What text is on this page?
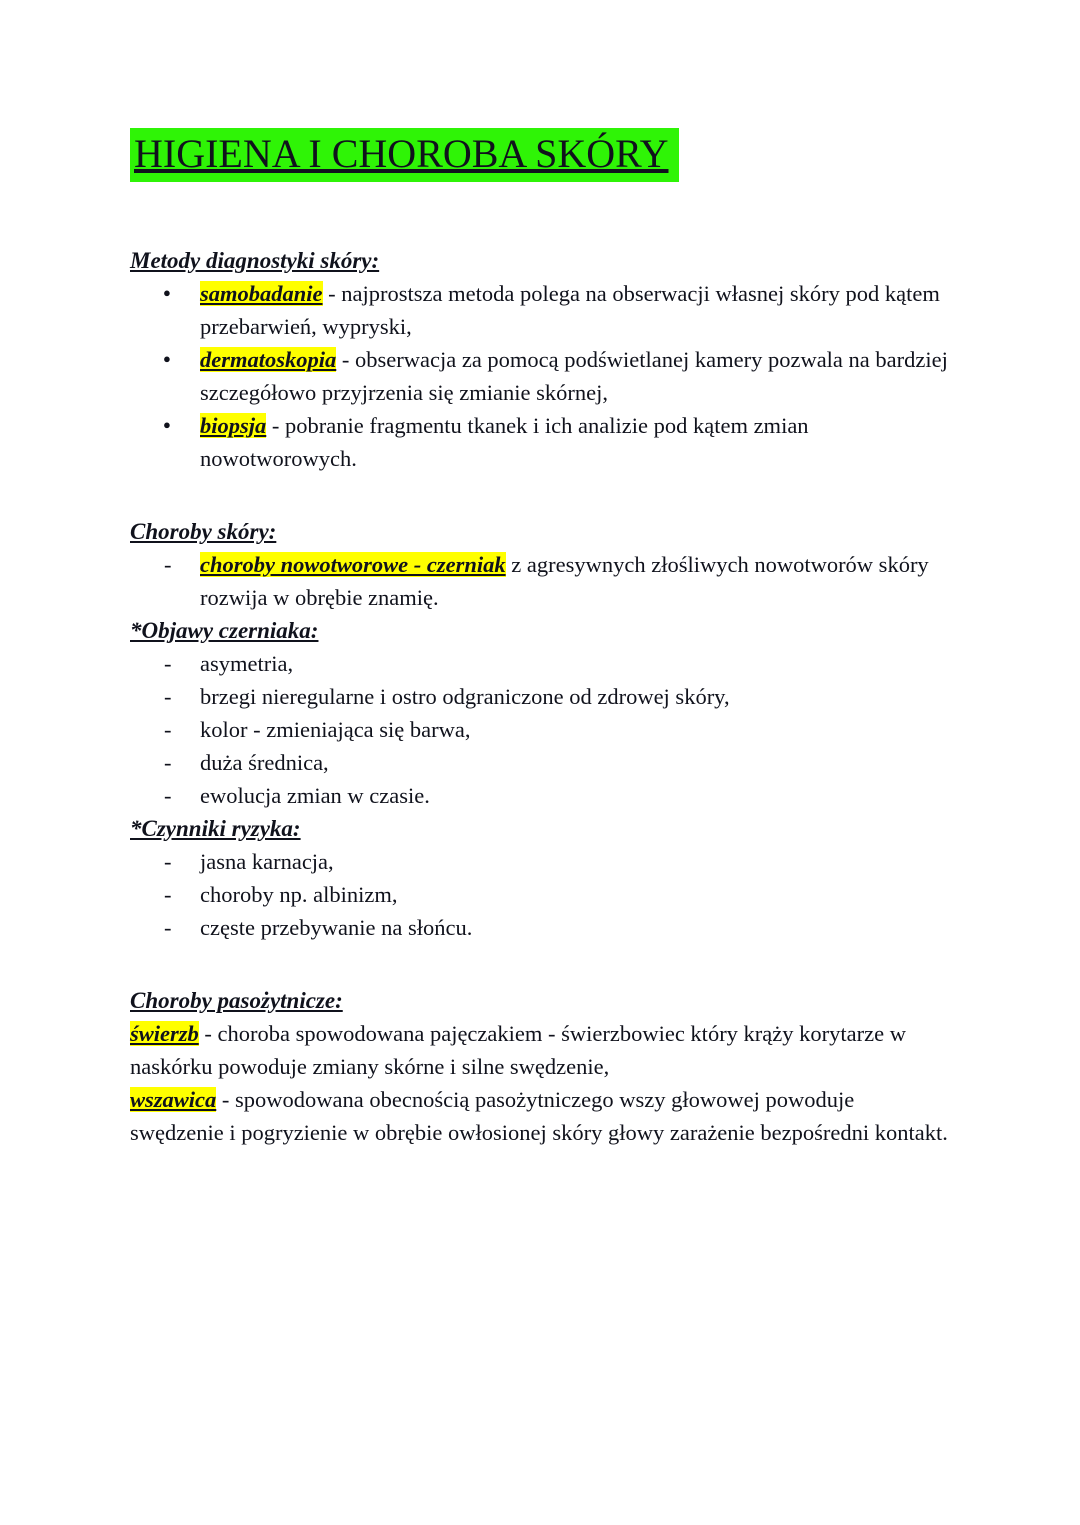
HIGIENA I CHOROBA SKÓRY
Metody diagnostyki skóry:
● samobadanie - najprostsza metoda polega na obserwacji własnej skóry pod kątem przebarwień, wypryski,
● dermatoskopia - obserwacja za pomocą podświetlanej kamery pozwala na bardziej szczegółowo przyjrzenia się zmianie skórnej,
● biopsja - pobranie fragmentu tkanek i ich analizie pod kątem zmian nowotworowych.
Choroby skóry:
- choroby nowotworowe - czerniak z agresywnych złośliwych nowotworów skóry rozwija w obrębie znamię.
*Objawy czerniaka:
- asymetria,
- brzegi nieregularne i ostro odgraniczone od zdrowej skóry,
- kolor - zmieniająca się barwa,
- duża średnica,
- ewolucja zmian w czasie.
*Czynniki ryzyka:
- jasna karnacja,
- choroby np. albinizm,
- częste przebywanie na słońcu.
Choroby pasożytnicze:

świerzb - choroba spowodowana pajęczakiem - świerzbowiec który krąży korytarze w naskórku powoduje zmiany skórne i silne swędzenie,

wszawica - spowodowana obecnością pasożytniczego wszy głowowej powoduje swędzenie i pogryzienie w obrębie owłosionej skóry głowy zarażenie bezpośredni kontakt.
